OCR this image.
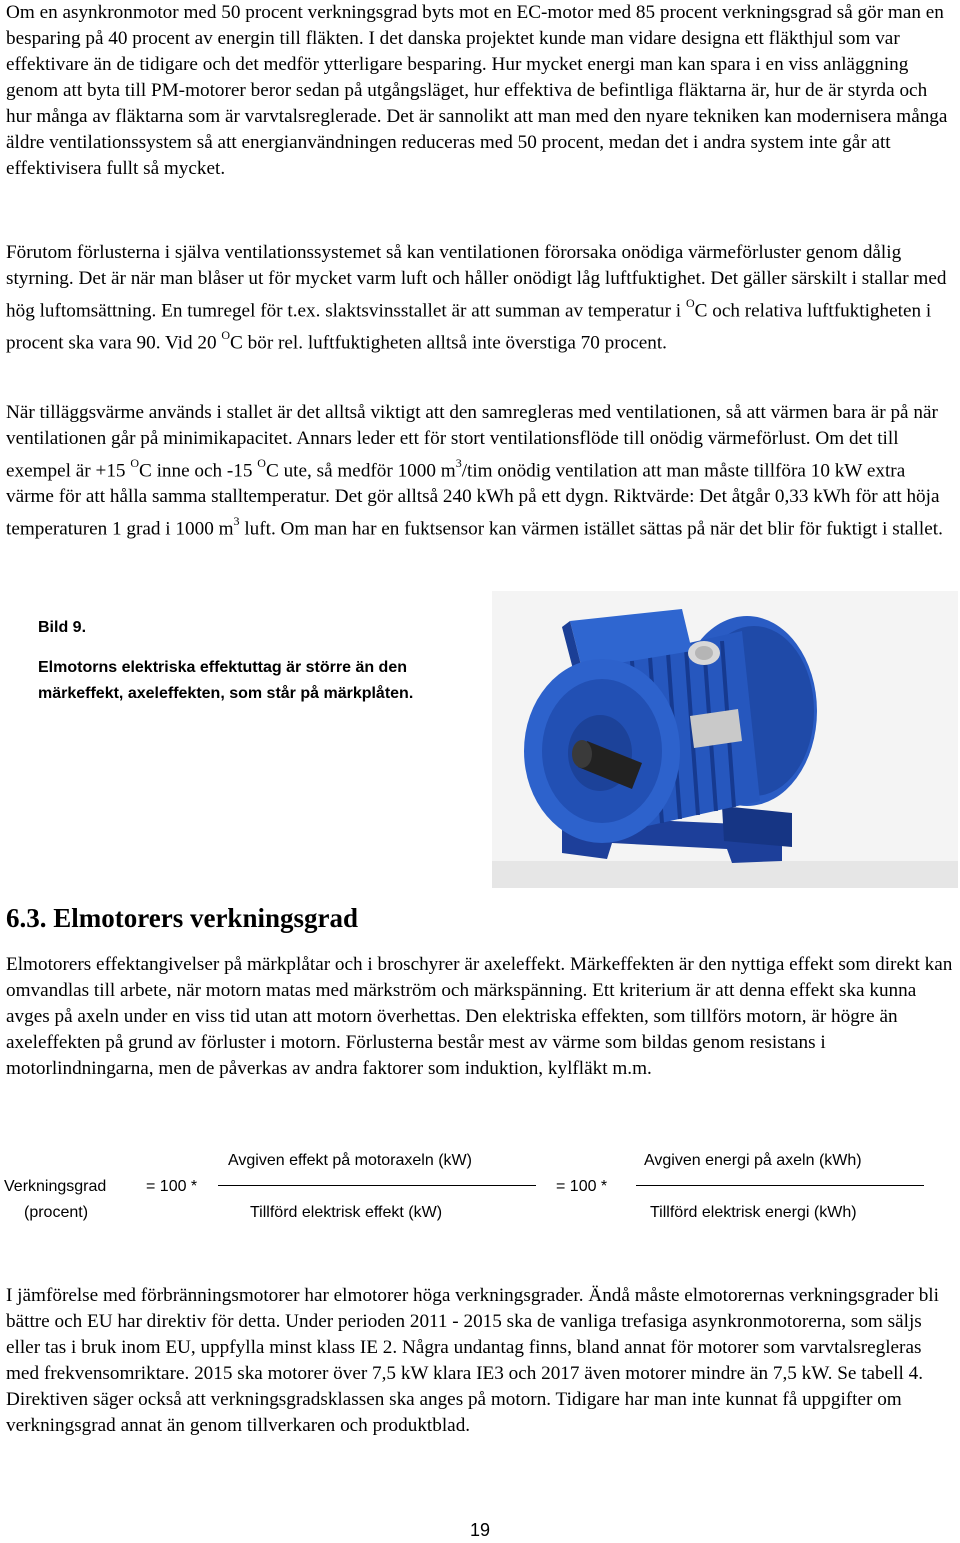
Om en asynkronmotor med 50 procent verkningsgrad byts mot en EC-motor med 85 procent verkningsgrad så gör man en besparing på 40 procent av energin till fläkten. I det danska projektet kunde man vidare designa ett fläkthjul som var effektivare än de tidigare och det medför ytterligare besparing. Hur mycket energi man kan spara i en viss anläggning genom att byta till PM-motorer beror sedan på utgångsläget, hur effektiva de befintliga fläktarna är, hur de är styrda och hur många av fläktarna som är varvtalsreglerade. Det är sannolikt att man med den nyare tekniken kan modernisera många äldre ventilationssystem så att energianvändningen reduceras med 50 procent, medan det i andra system inte går att effektivisera fullt så mycket.

Förutom förlusterna i själva ventilationssystemet så kan ventilationen förorsaka onödiga värmeförluster genom dålig styrning. Det är när man blåser ut för mycket varm luft och håller onödigt låg luftfuktighet. Det gäller särskilt i stallar med hög luftomsättning. En tumregel för t.ex. slaktsvinsstallet är att summan av temperatur i $^O$C och relativa luftfuktigheten i procent ska vara 90. Vid 20 $^O$C bör rel. luftfuktigheten alltså inte överstiga 70 procent.

När tilläggsvärme används i stallet är det alltså viktigt att den samregleras med ventilationen, så att värmen bara är på när ventilationen går på minimikapacitet. Annars leder ett för stort ventilationsflöde till onödig värmeförlust. Om det till exempel är +15 $^O$C inne och -15 $^O$C ute, så medför 1000 $m^3$/tim onödig ventilation att man måste tillföra 10 kW extra värme för att hålla samma stalltemperatur. Det gör alltså 240 kWh på ett dygn. Riktvärde: Det åtgår 0,33 kWh för att höja temperaturen 1 grad i 1000 $m^3$ luft. Om man har en fuktsensor kan värmen istället sättas på när det blir för fuktigt i stallet.

Bild 9.
Elmotorns elektriska effektuttag är större än den märkeffekt, axeleffekten, som står på märkplåten.
6.3. Elmotorers verkningsgrad

Elmotorers effektangivelser på märkplåtar och i broschyrer är axeleffekt. Märkeffekten är den nyttiga effekt som direkt kan omvandlas till arbete, när motorn matas med märkström och märkspänning. Ett kriterium är att denna effekt ska kunna avges på axeln under en viss tid utan att motorn överhettas. Den elektriska effekten, som tillförs motorn, är högre än axeleffekten på grund av förluster i motorn. Förlusterna består mest av värme som bildas genom resistans i motorlindningarna, men de påverkas av andra faktorer som induktion, kylfläkt m.m.

Verkningsgrad
(procent)
= 100 *
Avgiven effekt på motoraxeln (kW)
Tillförd elektrisk effekt (kW)
= 100 *
Avgiven energi på axeln (kWh)
Tillförd elektrisk energi (kWh)

I jämförelse med förbränningsmotorer har elmotorer höga verkningsgrader. Ändå måste elmotorernas verkningsgrader bli bättre och EU har direktiv för detta. Under perioden 2011 - 2015 ska de vanliga trefasiga asynkronmotorerna, som säljs eller tas i bruk inom EU, uppfylla minst klass IE 2. Några undantag finns, bland annat för motorer som varvtalsregleras med frekvensomriktare. 2015 ska motorer över 7,5 kW klara IE3 och 2017 även motorer mindre än 7,5 kW. Se tabell 4. Direktiven säger också att verkningsgradsklassen ska anges på motorn. Tidigare har man inte kunnat få uppgifter om verkningsgrad annat än genom tillverkaren och produktblad.

19
